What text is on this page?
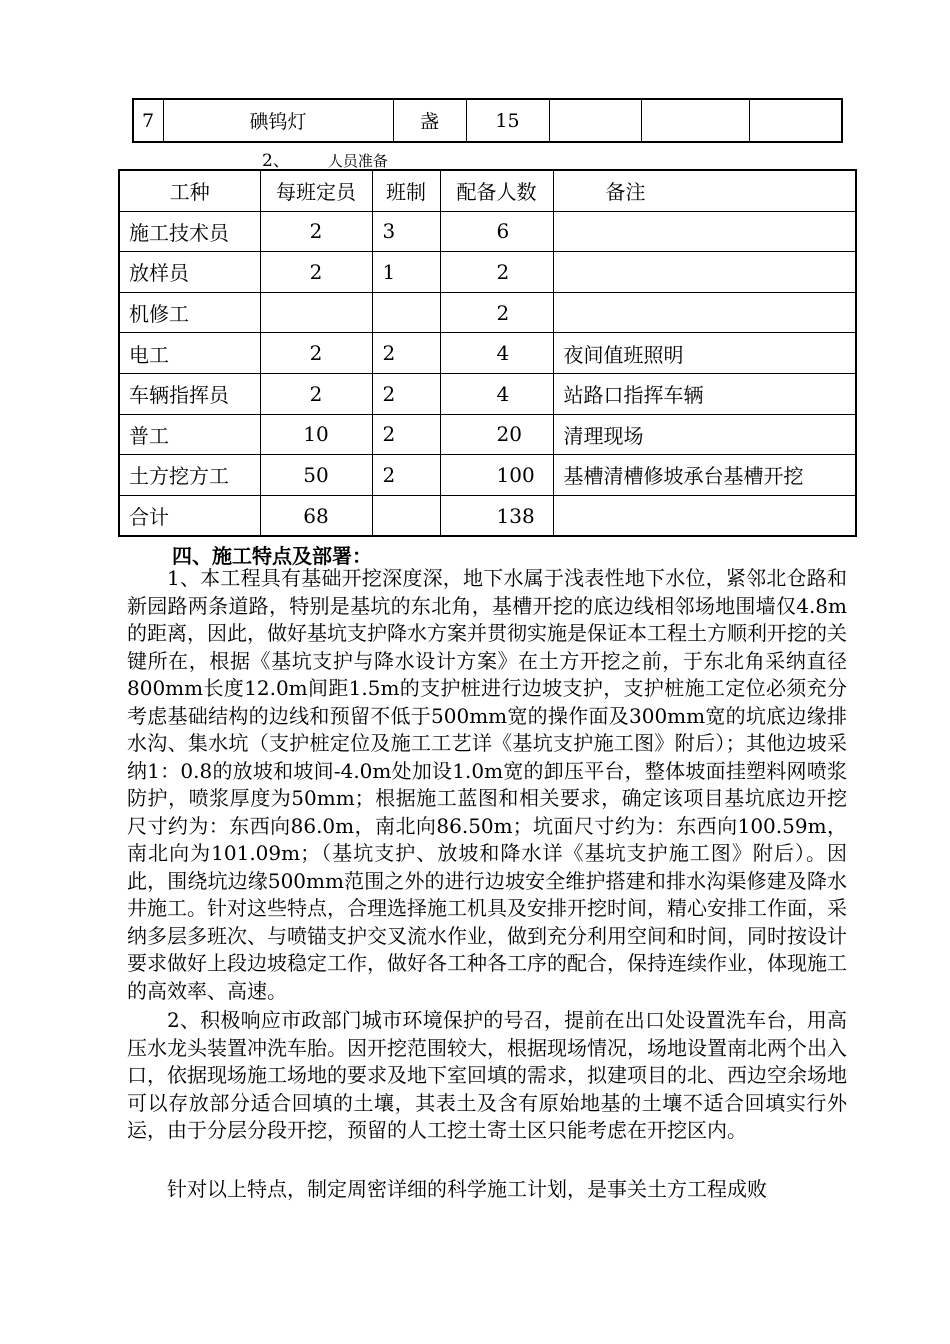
7	碘钨灯	盏	15			
2、	人员准备
工种	每班定员	班制	配备人数	备注
施工技术员	2	3	6	
放样员	2	1	2	
机修工			2	
电工	2	2	4	夜间值班照明
车辆指挥员	2	2	4	站路口指挥车辆
普工	10	2	20	清理现场
土方挖方工	50	2	100	基槽清槽修坡承台基槽开挖
合计	68		138	
四、施工特点及部署：

1、本工程具有基础开挖深度深，地下水属于浅表性地下水位，紧邻北仓路和新园路两条道路，特别是基坑的东北角，基槽开挖的底边线相邻场地围墙仅4.8m的距离，因此，做好基坑支护降水方案并贯彻实施是保证本工程土方顺利开挖的关键所在，根据《基坑支护与降水设计方案》在土方开挖之前，于东北角采纳直径800mm长度12.0m间距1.5m的支护桩进行边坡支护，支护桩施工定位必须充分考虑基础结构的边线和预留不低于500mm宽的操作面及300mm宽的坑底边缘排水沟、集水坑（支护桩定位及施工工艺详《基坑支护施工图》附后）；其他边坡采纳1：0.8的放坡和坡间-4.0m处加设1.0m宽的卸压平台，整体坡面挂塑料网喷浆防护，喷浆厚度为50mm；根据施工蓝图和相关要求，确定该项目基坑底边开挖尺寸约为：东西向86.0m，南北向86.50m；坑面尺寸约为：东西向100.59m，南北向为101.09m；（基坑支护、放坡和降水详《基坑支护施工图》附后）。因此，围绕坑边缘500mm范围之外的进行边坡安全维护搭建和排水沟渠修建及降水井施工。针对这些特点，合理选择施工机具及安排开挖时间，精心安排工作面，采纳多层多班次、与喷锚支护交叉流水作业，做到充分利用空间和时间，同时按设计要求做好上段边坡稳定工作，做好各工种各工序的配合，保持连续作业，体现施工的高效率、高速。

2、积极响应市政部门城市环境保护的号召，提前在出口处设置洗车台，用高压水龙头装置冲洗车胎。因开挖范围较大，根据现场情况，场地设置南北两个出入口，依据现场施工场地的要求及地下室回填的需求，拟建项目的北、西边空余场地可以存放部分适合回填的土壤，其表土及含有原始地基的土壤不适合回填实行外运，由于分层分段开挖，预留的人工挖土寄土区只能考虑在开挖区内。

针对以上特点，制定周密详细的科学施工计划，是事关土方工程成败
